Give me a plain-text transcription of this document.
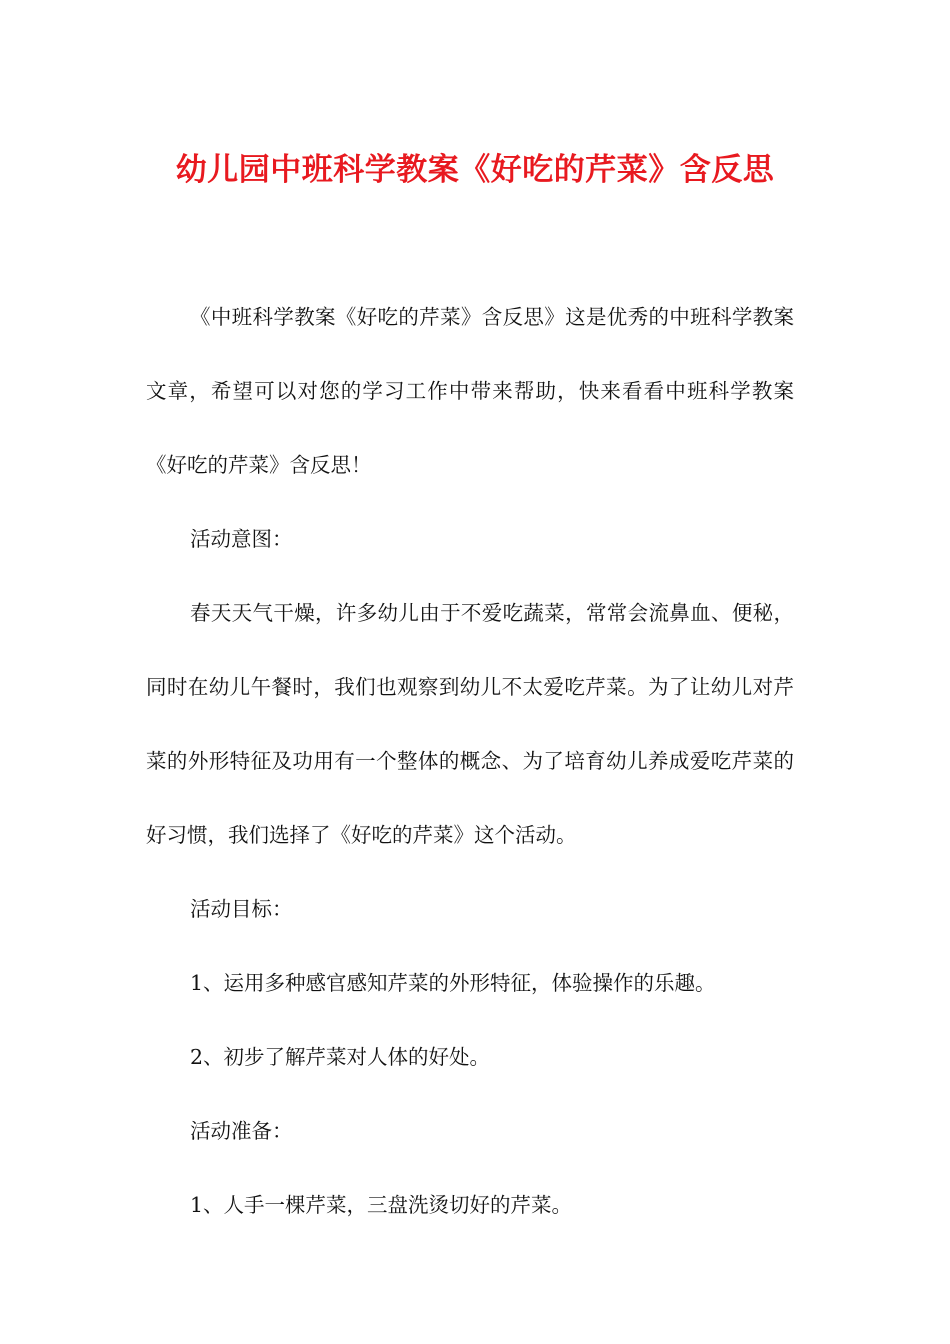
幼儿园中班科学教案《好吃的芹菜》含反思

《中班科学教案《好吃的芹菜》含反思》这是优秀的中班科学教案文章，希望可以对您的学习工作中带来帮助，快来看看中班科学教案《好吃的芹菜》含反思！

活动意图：

春天天气干燥，许多幼儿由于不爱吃蔬菜，常常会流鼻血、便秘，同时在幼儿午餐时，我们也观察到幼儿不太爱吃芹菜。为了让幼儿对芹菜的外形特征及功用有一个整体的概念、为了培育幼儿养成爱吃芹菜的好习惯，我们选择了《好吃的芹菜》这个活动。

活动目标：

1、运用多种感官感知芹菜的外形特征，体验操作的乐趣。

2、初步了解芹菜对人体的好处。

活动准备：

1、人手一棵芹菜，三盘洗烫切好的芹菜。
